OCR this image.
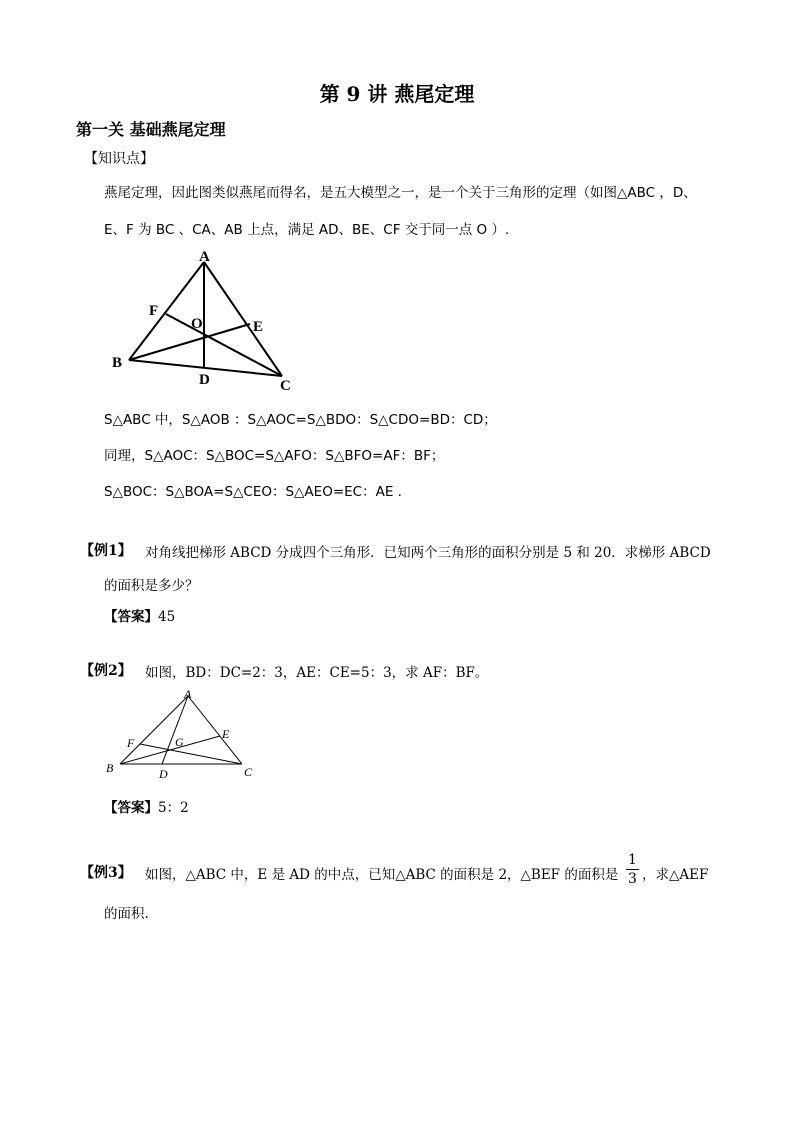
第 9 讲 燕尾定理
第一关 基础燕尾定理
【知识点】
燕尾定理，因此图类似燕尾而得名，是五大模型之一，是一个关于三角形的定理（如图△ABC ，D、
E、F 为 BC 、CA、AB 上点，满足 AD、BE、CF 交于同一点 O ）.
A
B
C
D
E
F
O
S△ABC 中，S△AOB ：S△AOC=S△BDO：S△CDO=BD：CD；
同理，S△AOC：S△BOC=S△AFO：S△BFO=AF：BF；
S△BOC：S△BOA=S△CEO：S△AEO=EC：AE .
【例1】 对角线把梯形 ABCD 分成四个三角形．已知两个三角形的面积分别是 5 和 20．求梯形 ABCD
的面积是多少？
【答案】45
【例2】 如图，BD：DC=2：3，AE：CE=5：3，求 AF：BF。
A
B	C
D
E
F	G
【答案】5：2
【例3】 如图，△ABC 中，E 是 AD 的中点，已知△ABC 的面积是 2，△BEF 的面积是 $\frac{1}{3}$ ，求△AEF
的面积.
